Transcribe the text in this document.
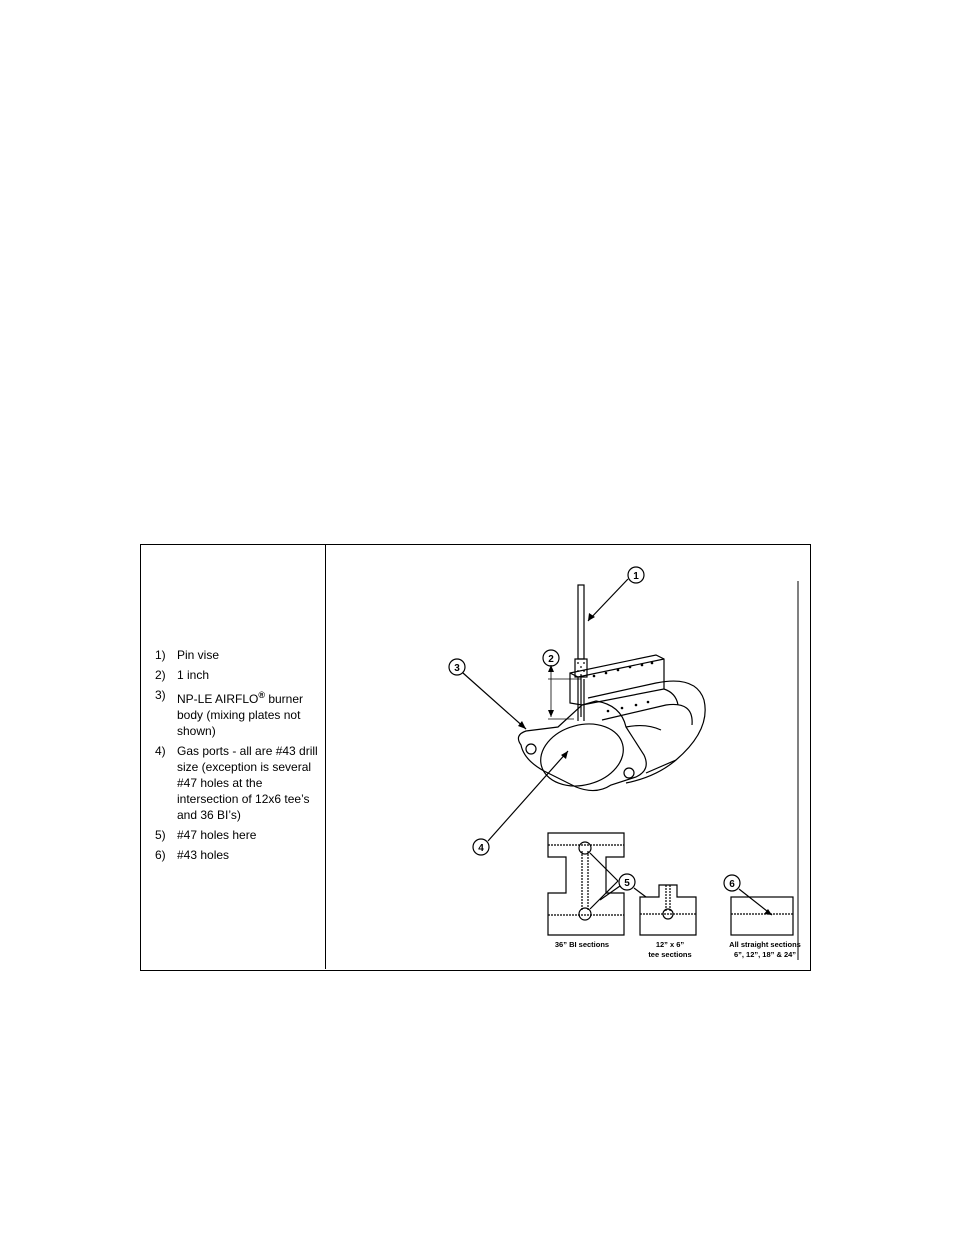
1) Pin vise
2) 1 inch
3) NP-LE AIRFLO® burner body (mixing plates not shown)
4) Gas ports - all are #43 drill size (exception is several #47 holes at the intersection of 12x6 tee’s and 36 BI’s)
5) #47 holes here
6) #43 holes
1
2
3
4
5	6
36” BI sections	12” x 6”
tee sections
All straight sections
6”, 12”, 18” & 24”
